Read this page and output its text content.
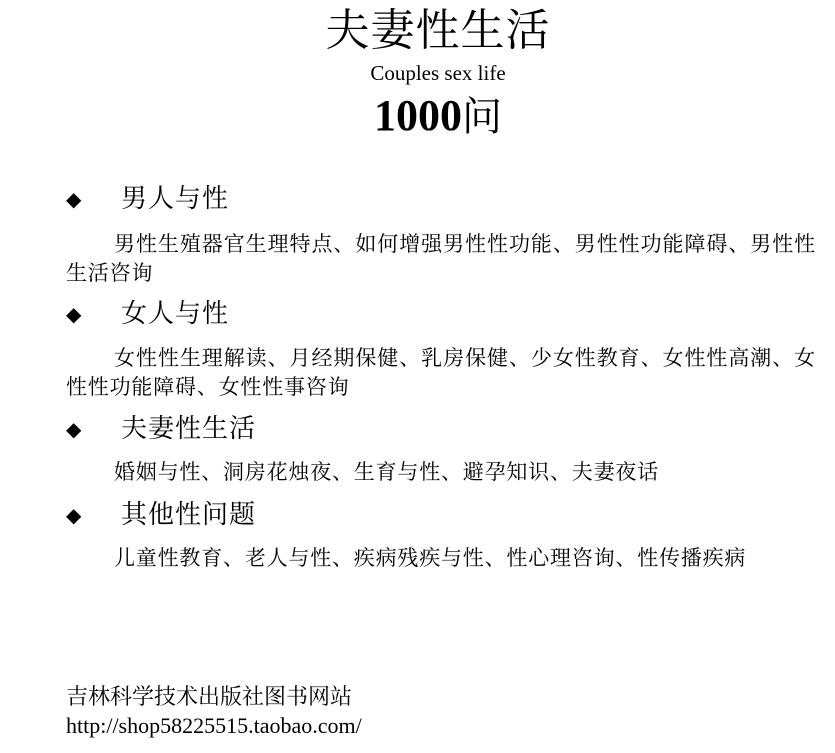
夫妻性生活
Couples sex life
1000问
◆	男人与性
男性生殖器官生理特点、如何增强男性性功能、男性性功能障碍、男性性生活咨询
◆	女人与性
女性性生理解读、月经期保健、乳房保健、少女性教育、女性性高潮、女性性功能障碍、女性性事咨询
◆	夫妻性生活
婚姻与性、洞房花烛夜、生育与性、避孕知识、夫妻夜话
◆	其他性问题
儿童性教育、老人与性、疾病残疾与性、性心理咨询、性传播疾病
吉林科学技术出版社图书网站
http://shop58225515.taobao.com/
